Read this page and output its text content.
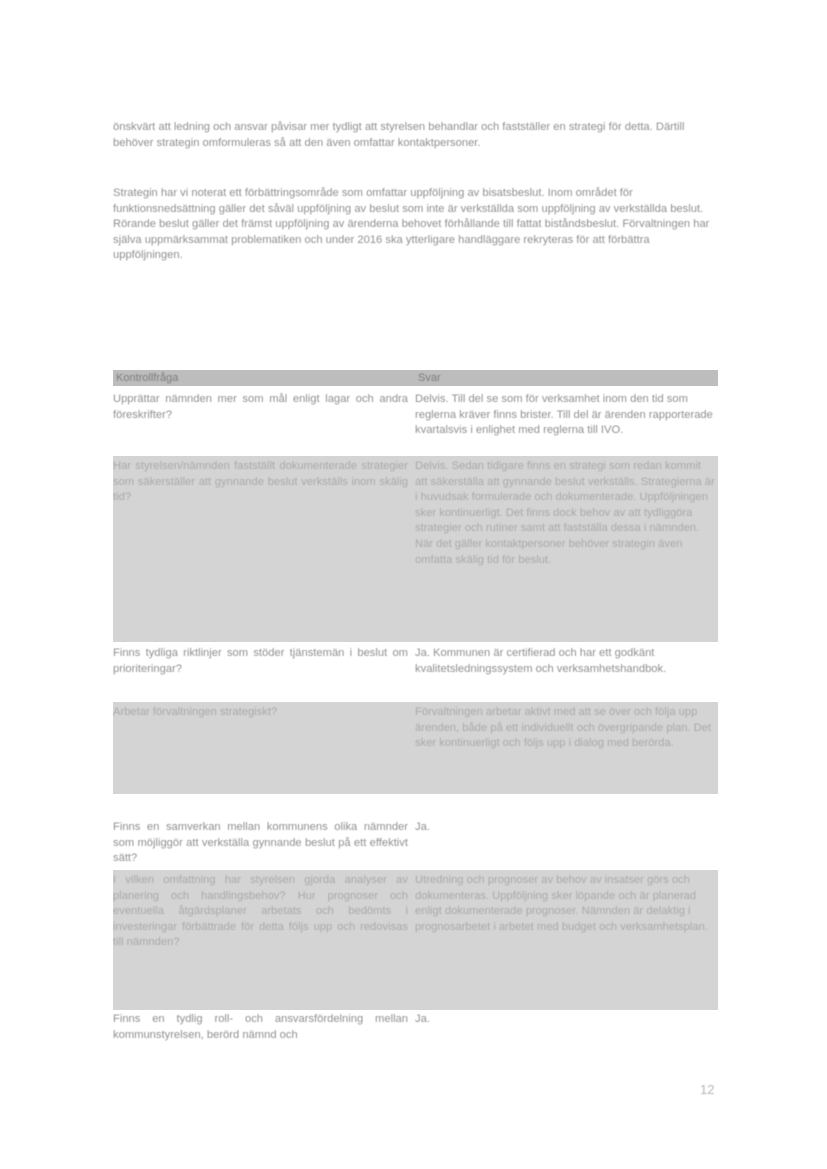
önskvärt att ledning och ansvar påvisar mer tydligt att styrelsen behandlar och fastställer en strategi för detta. Därtill behöver strategin omformuleras så att den även omfattar kontaktpersoner.

Strategin har vi noterat ett förbättringsområde som omfattar uppföljning av bisatsbeslut. Inom området för funktionsnedsättning gäller det såväl uppföljning av beslut som inte är verkställda som uppföljning av verkställda beslut. Rörande beslut gäller det främst uppföljning av ärenderna behovet förhållande till fattat biståndsbeslut. Förvaltningen har själva uppmärksammat problematiken och under 2016 ska ytterligare handläggare rekryteras för att förbättra uppföljningen.

Kontrollfråga	Svar
Upprättar nämnden mer som mål enligt lagar och andra föreskrifter?
Delvis. Till del se som för verksamhet inom den tid som reglerna kräver finns brister. Till del är ärenden rapporterade kvartalsvis i enlighet med reglerna till IVO.
Har styrelsen/nämnden fastställt dokumenterade strategier som säkerställer att gynnande beslut verkställs inom skälig tid?
Delvis. Sedan tidigare finns en strategi som redan kommit att säkerställa att gynnande beslut verkställs. Strategierna är i huvudsak formulerade och dokumenterade. Uppföljningen sker kontinuerligt. Det finns dock behov av att tydliggöra strategier och rutiner samt att fastställa dessa i nämnden. När det gäller kontaktpersoner behöver strategin även omfatta skälig tid för beslut.
Finns tydliga riktlinjer som stöder tjänstemän i beslut om prioriteringar?
Ja. Kommunen är certifierad och har ett godkänt kvalitetsledningssystem och verksamhetshandbok.
Arbetar förvaltningen strategiskt?	Förvaltningen arbetar aktivt med att se över och följa upp ärenden, både på ett individuellt och övergripande plan. Det sker kontinuerligt och följs upp i dialog med berörda.
Finns en samverkan mellan kommunens olika nämnder som möjliggör att verkställa gynnande beslut på ett effektivt sätt?
Ja.
I vilken omfattning har styrelsen gjorda analyser av planering och handlingsbehov? Hur prognoser och eventuella åtgärdsplaner arbetats och bedömts i investeringar förbättrade för detta följs upp och redovisas till nämnden?
Utredning och prognoser av behov av insatser görs och dokumenteras. Uppföljning sker löpande och är planerad enligt dokumenterade prognoser. Nämnden är delaktig i prognosarbetet i arbetet med budget och verksamhetsplan.
Finns en tydlig roll- och ansvarsfördelning mellan kommunstyrelsen, berörd nämnd och
Ja.
12
